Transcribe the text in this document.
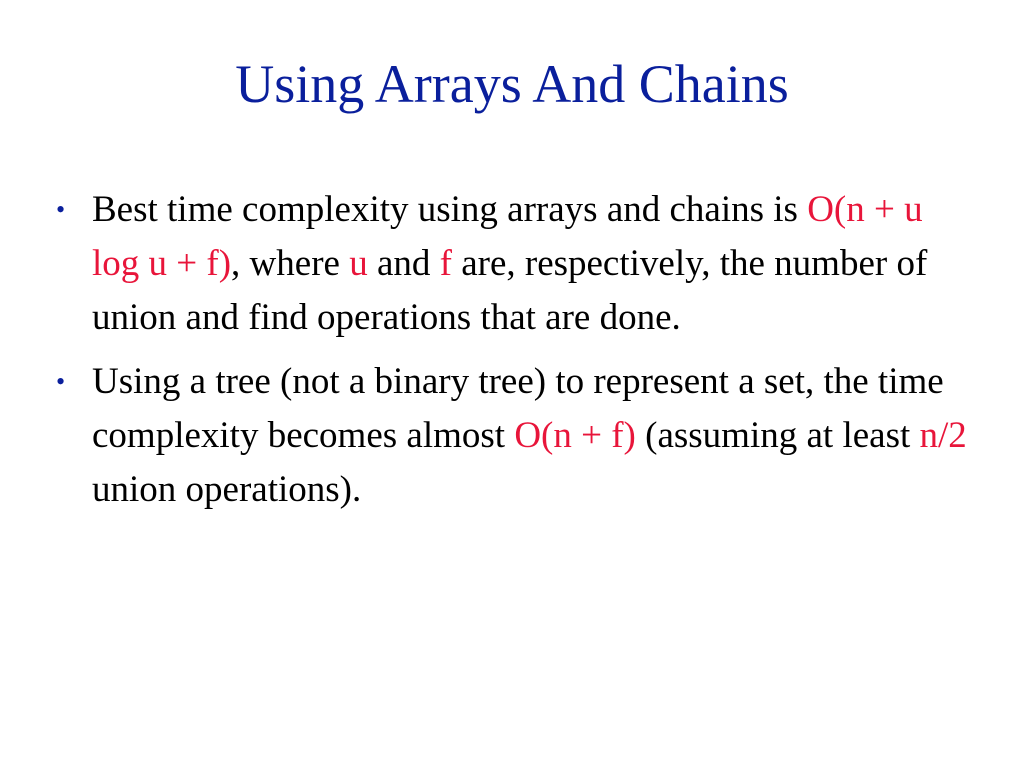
Using Arrays And Chains
• Best time complexity using arrays and chains is O(n + u log u + f), where u and f are, respectively, the number of union and find operations that are done.
• Using a tree (not a binary tree) to represent a set, the time complexity becomes almost O(n + f) (assuming at least n/2 union operations).
